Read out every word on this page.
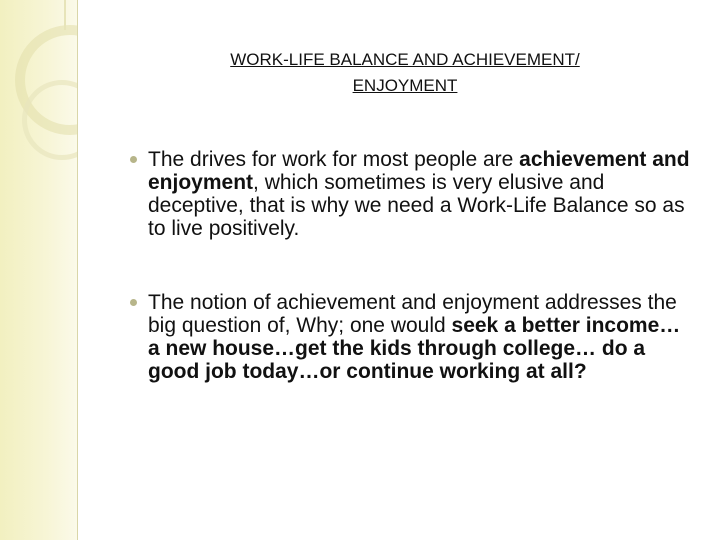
WORK-LIFE BALANCE AND ACHIEVEMENT/
ENJOYMENT
The drives for work for most people are achievement and enjoyment, which sometimes is very elusive and deceptive, that is why we need a Work-Life Balance so as to live positively.
The notion of achievement and enjoyment addresses the big question of, Why; one would seek a better income…a new house…get the kids through college… do a good job today…or continue working at all?
